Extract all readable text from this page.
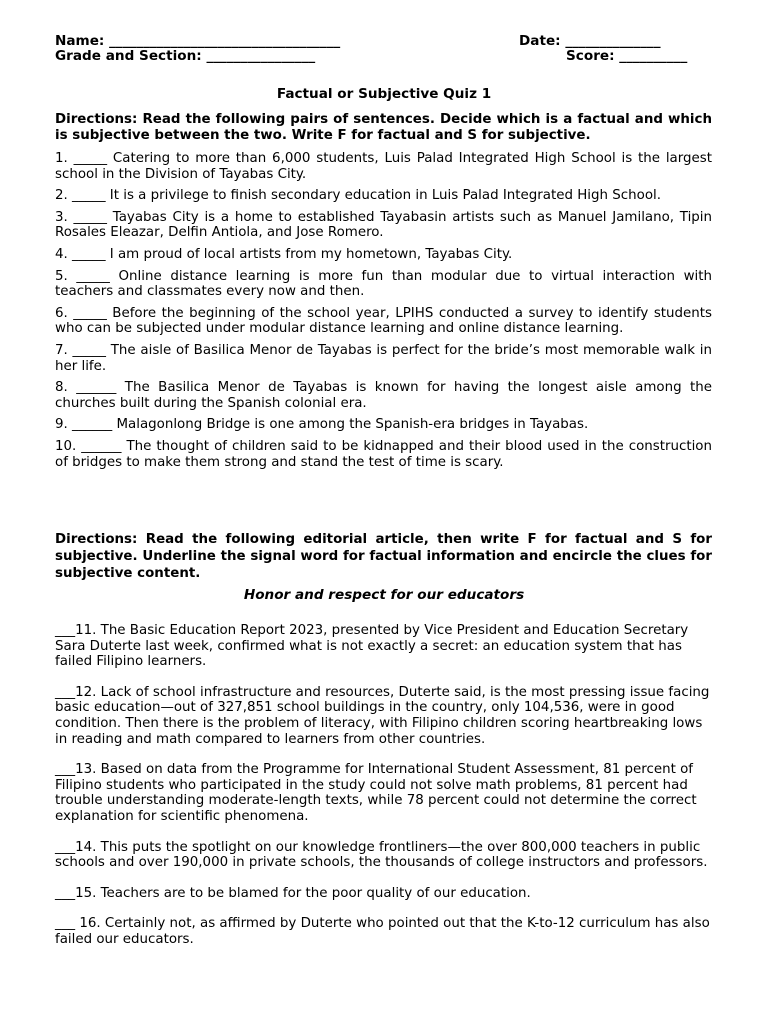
Name: __________________________________	Date: ______________
Grade and Section: ________________	Score: __________
Factual or Subjective Quiz 1
Directions: Read the following pairs of sentences. Decide which is a factual and which is subjective between the two. Write F for factual and S for subjective.

1. _____ Catering to more than 6,000 students, Luis Palad Integrated High School is the largest school in the Division of Tayabas City.

2. _____ It is a privilege to finish secondary education in Luis Palad Integrated High School.

3. _____ Tayabas City is a home to established Tayabasin artists such as Manuel Jamilano, Tipin Rosales Eleazar, Delfin Antiola, and Jose Romero.

4. _____ I am proud of local artists from my hometown, Tayabas City.

5. _____ Online distance learning is more fun than modular due to virtual interaction with teachers and classmates every now and then.

6. _____ Before the beginning of the school year, LPIHS conducted a survey to identify students who can be subjected under modular distance learning and online distance learning.

7. _____ The aisle of Basilica Menor de Tayabas is perfect for the bride’s most memorable walk in her life.

8. ______ The Basilica Menor de Tayabas is known for having the longest aisle among the churches built during the Spanish colonial era.

9. ______ Malagonlong Bridge is one among the Spanish-era bridges in Tayabas.

10. ______ The thought of children said to be kidnapped and their blood used in the construction of bridges to make them strong and stand the test of time is scary.

Directions: Read the following editorial article, then write F for factual and S for subjective. Underline the signal word for factual information and encircle the clues for subjective content.
Honor and respect for our educators

___11. The Basic Education Report 2023, presented by Vice President and Education Secretary Sara Duterte last week, confirmed what is not exactly a secret: an education system that has failed Filipino learners.

___12. Lack of school infrastructure and resources, Duterte said, is the most pressing issue facing basic education—out of 327,851 school buildings in the country, only 104,536, were in good condition. Then there is the problem of literacy, with Filipino children scoring heartbreaking lows in reading and math compared to learners from other countries.

___13. Based on data from the Programme for International Student Assessment, 81 percent of Filipino students who participated in the study could not solve math problems, 81 percent had trouble understanding moderate-length texts, while 78 percent could not determine the correct explanation for scientific phenomena.

___14. This puts the spotlight on our knowledge frontliners—the over 800,000 teachers in public schools and over 190,000 in private schools, the thousands of college instructors and professors.

___15. Teachers are to be blamed for the poor quality of our education.

___ 16. Certainly not, as affirmed by Duterte who pointed out that the K-to-12 curriculum has also failed our educators.
